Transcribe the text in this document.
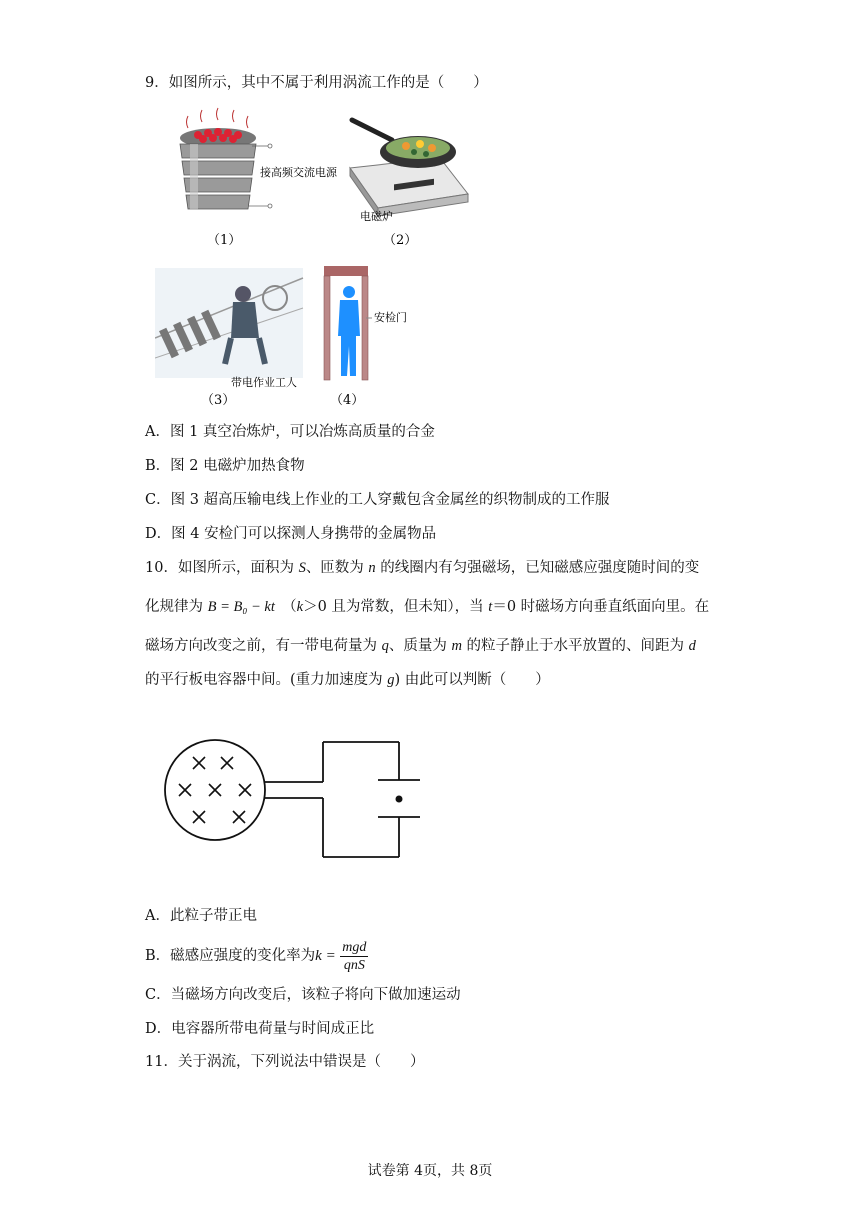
9．如图所示，其中不属于利用涡流工作的是（　　）
接高频交流电源
（1）
电磁炉
（2）
带电作业工人
（3）
安检门
（4）
A．图 1 真空冶炼炉，可以冶炼高质量的合金
B．图 2 电磁炉加热食物
C．图 3 超高压输电线上作业的工人穿戴包含金属丝的织物制成的工作服
D．图 4 安检门可以探测人身携带的金属物品
10．如图所示，面积为 S、匝数为 n 的线圈内有匀强磁场，已知磁感应强度随时间的变
化规律为 B = B₀ − kt　（k＞0 且为常数，但未知），当 t＝0 时磁场方向垂直纸面向里。在
磁场方向改变之前，有一带电荷量为 q、质量为 m 的粒子静止于水平放置的、间距为 d
的平行板电容器中间。(重力加速度为 g) 由此可以判断（　　）
A．此粒子带正电
B．磁感应强度的变化率为$k = \frac{\text{mgd}}{\text{qnS}}$
C．当磁场方向改变后，该粒子将向下做加速运动
D．电容器所带电荷量与时间成正比
11．关于涡流，下列说法中错误是（　　）
试卷第 4页，共 8页
